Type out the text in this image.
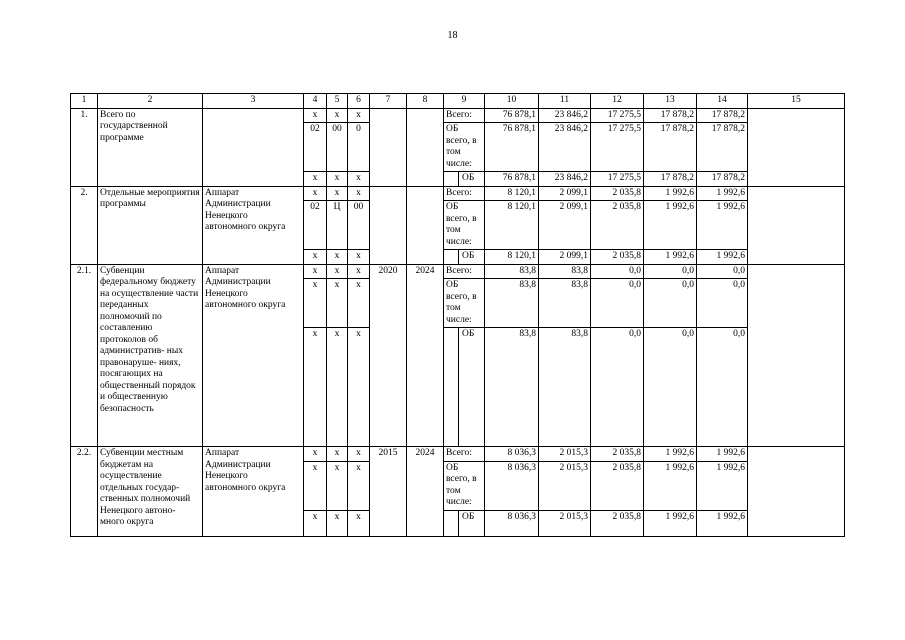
18
1	2	3	4	5	6	7	8	9		10	11	12	13	14	15
1.	Всего по государственной программе		х	х	х			Всего:		76 878,1	23 846,2	17 275,5	17 878,2	17 878,2	
			02	00	0			ОБ всего, в том числе:		76 878,1	23 846,2	17 275,5	17 878,2	17 878,2	
			х	х	х				ОБ	76 878,1	23 846,2	17 275,5	17 878,2	17 878,2	
2.	Отдельные мероприятия программы	Аппарат Администрации Ненецкого автономного округа	х	х	х			Всего:		8 120,1	2 099,1	2 035,8	1 992,6	1 992,6	
			02	Ц	00			ОБ всего, в том числе:		8 120,1	2 099,1	2 035,8	1 992,6	1 992,6	
			х	х	х				ОБ	8 120,1	2 099,1	2 035,8	1 992,6	1 992,6	
2.1.	Субвенции федеральному бюджету на осуществление части переданных полномочий по составлению протоколов об административ- ных правонаруше- ниях, посягающих на общественный порядок и общественную безопасность	Аппарат Администрации Ненецкого автономного округа	х	х	х	2020	2024	Всего:		83,8	83,8	0,0	0,0	0,0	
			х	х	х			ОБ всего, в том числе:		83,8	83,8	0,0	0,0	0,0	
			х	х	х				ОБ	83,8	83,8	0,0	0,0	0,0	
2.2.	Субвенции местным бюджетам на осуществление отдельных государ- ственных полномочий Ненецкого автоно- много округа	Аппарат Администрации Ненецкого автономного округа	х	х	х	2015	2024	Всего:		8 036,3	2 015,3	2 035,8	1 992,6	1 992,6	
			х	х	х			ОБ всего, в том числе:		8 036,3	2 015,3	2 035,8	1 992,6	1 992,6	
			х	х	х				ОБ	8 036,3	2 015,3	2 035,8	1 992,6	1 992,6	
